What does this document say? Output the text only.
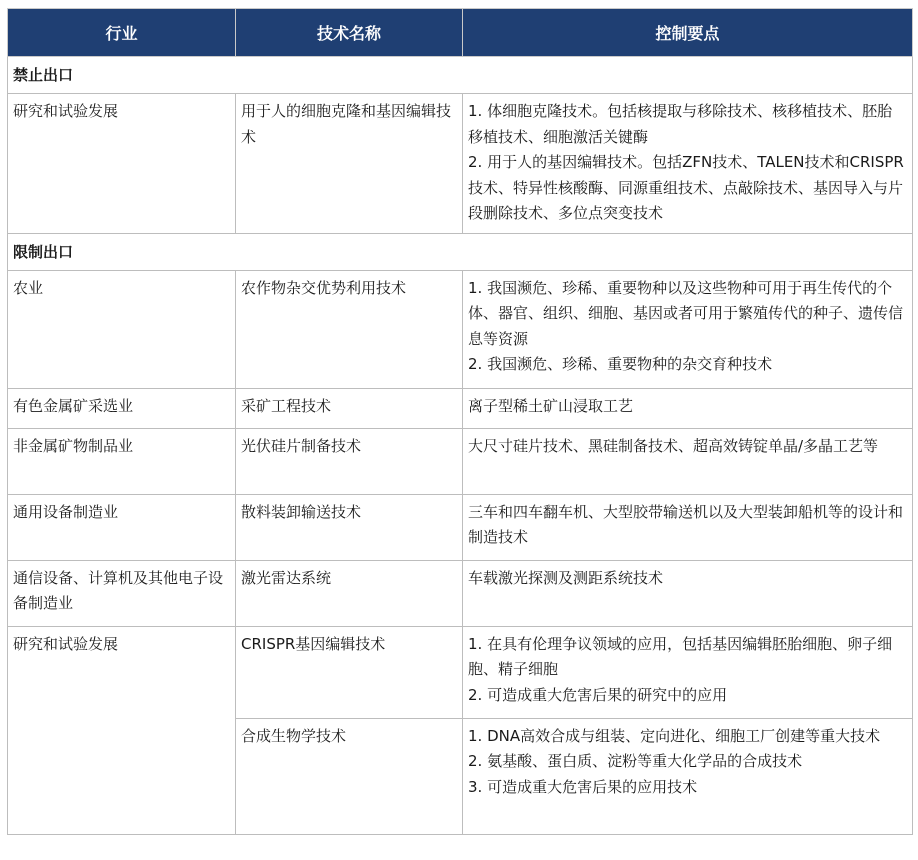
行业	技术名称	控制要点
禁止出口		
研究和试验发展	用于人的细胞克隆和基因编辑技术	1. 体细胞克隆技术。包括核提取与移除技术、核移植技术、胚胎移植技术、细胞激活关键酶
2. 用于人的基因编辑技术。包括ZFN技术、TALEN技术和CRISPR技术、特异性核酸酶、同源重组技术、点敲除技术、基因导入与片段删除技术、多位点突变技术

限制出口		
农业	农作物杂交优势利用技术	1. 我国濒危、珍稀、重要物种以及这些物种可用于再生传代的个体、器官、组织、细胞、基因或者可用于繁殖传代的种子、遗传信息等资源
2. 我国濒危、珍稀、重要物种的杂交育种技术

有色金属矿采选业	采矿工程技术	离子型稀土矿山浸取工艺

非金属矿物制品业	光伏硅片制备技术	大尺寸硅片技术、黑硅制备技术、超高效铸锭单晶/多晶工艺等

通用设备制造业	散料装卸输送技术	三车和四车翻车机、大型胶带输送机以及大型装卸船机等的设计和制造技术

通信设备、计算机及其他电子设备制造业	激光雷达系统	车载激光探测及测距系统技术

研究和试验发展	CRISPR基因编辑技术	1. 在具有伦理争议领域的应用，包括基因编辑胚胎细胞、卵子细胞、精子细胞
2. 可造成重大危害后果的研究中的应用

	合成生物学技术	1. DNA高效合成与组装、定向进化、细胞工厂创建等重大技术
2. 氨基酸、蛋白质、淀粉等重大化学品的合成技术
3. 可造成重大危害后果的应用技术
